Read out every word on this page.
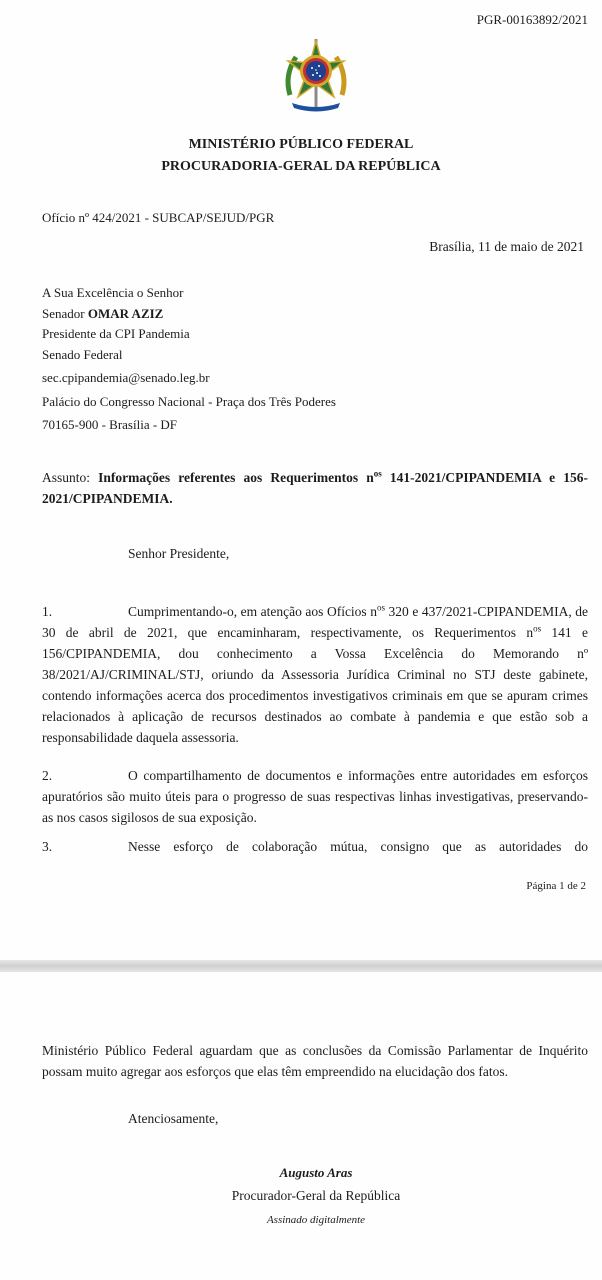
PGR-00163892/2021

MINISTÉRIO PÚBLICO FEDERAL

PROCURADORIA-GERAL DA REPÚBLICA

Ofício nº 424/2021 - SUBCAP/SEJUD/PGR

Brasília, 11 de maio de 2021

A Sua Excelência o Senhor
Senador OMAR AZIZ
Presidente da CPI Pandemia
Senado Federal
sec.cpipandemia@senado.leg.br
Palácio do Congresso Nacional - Praça dos Três Poderes
70165-900 - Brasília - DF

Assunto: Informações referentes aos Requerimentos $n^{os}$ 141-2021/CPIPANDEMIA e 156-2021/CPIPANDEMIA.

Senhor Presidente,

1.	Cumprimentando-o, em atenção aos Ofícios $n^{os}$ 320 e 437/2021-CPIPANDEMIA, de 30 de abril de 2021, que encaminharam, respectivamente, os Requerimentos $n^{os}$ 141 e 156/CPIPANDEMIA, dou conhecimento a Vossa Excelência do Memorando nº 38/2021/AJ/CRIMINAL/STJ, oriundo da Assessoria Jurídica Criminal no STJ deste gabinete, contendo informações acerca dos procedimentos investigativos criminais em que se apuram crimes relacionados à aplicação de recursos destinados ao combate à pandemia e que estão sob a responsabilidade daquela assessoria.

2.	O compartilhamento de documentos e informações entre autoridades em esforços apuratórios são muito úteis para o progresso de suas respectivas linhas investigativas, preservando-as nos casos sigilosos de sua exposição.

3.	Nesse esforço de colaboração mútua, consigno que as autoridades do

Página 1 de 2

Ministério Público Federal aguardam que as conclusões da Comissão Parlamentar de Inquérito possam muito agregar aos esforços que elas têm empreendido na elucidação dos fatos.

Atenciosamente,

Augusto Aras

Procurador-Geral da República

Assinado digitalmente
